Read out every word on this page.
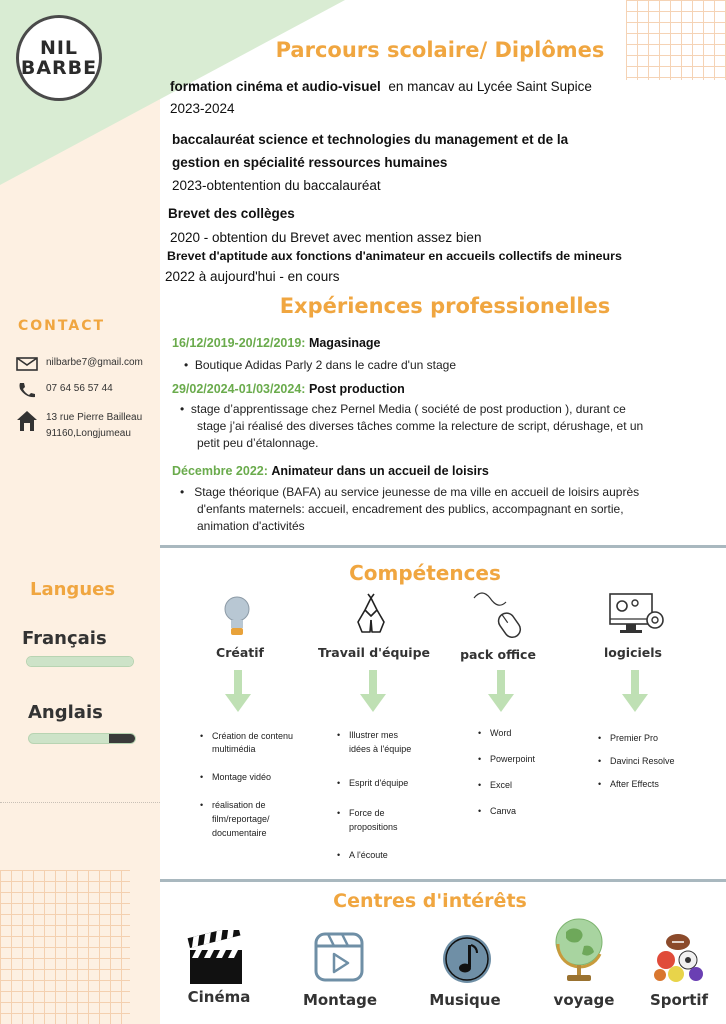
NIL
BARBE
CONTACT
nilbarbe7@gmail.com
07 64 56 57 44
13 rue Pierre Bailleau
91160,Longjumeau
Langues
Français
Anglais
Parcours scolaire/ Diplômes
formation cinéma et audio-visuel en mancav au Lycée Saint Supice
2023-2024
baccalauréat science et technologies du management et de la
gestion en spécialité ressources humaines
2023-obtentention du baccalauréat
Brevet des collèges
2020 - obtention du Brevet avec mention assez bien
Brevet d'aptitude aux fonctions d'animateur en accueils collectifs de mineurs
2022 à aujourd'hui - en cours
Expériences professionelles
16/12/2019-20/12/2019: Magasinage
•  Boutique Adidas Parly 2 dans le cadre d'un stage
29/02/2024-01/03/2024: Post production
•  stage d’apprentissage chez Pernel Media ( société de post production ), durant ce
stage j’ai réalisé des diverses tâches comme la relecture de script, dérushage, et un
petit peu d’étalonnage.
Décembre 2022: Animateur dans un accueil de loisirs
•   Stage théorique (BAFA) au service jeunesse de ma ville en accueil de loisirs auprès
d'enfants maternels: accueil, encadrement des publics, accompagnant en sortie,
animation d'activités
Compétences
Créatif	Travail d'équipe	pack office	logiciels
• Création de contenu multimédia
• Montage vidéo
• réalisation de film/reportage/ documentaire
• Illustrer mes idées à l'équipe
• Esprit d'équipe
• Force de propositions
• A l'écoute
• Word
• Powerpoint
• Excel
• Canva
• Premier Pro
• Davinci Resolve
• After Effects
Centres d'intérêts
Cinéma	Montage	Musique	voyage	Sportif
